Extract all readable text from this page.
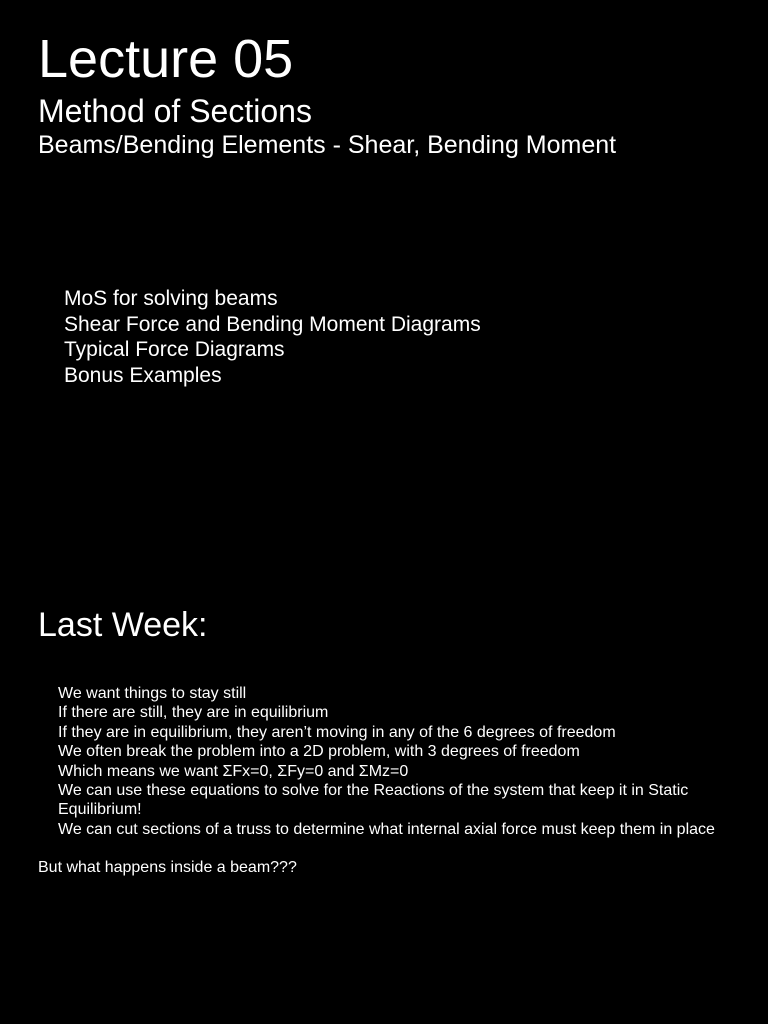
Lecture 05
Method of Sections
Beams/Bending Elements - Shear, Bending Moment
MoS for solving beams
Shear Force and Bending Moment Diagrams
Typical Force Diagrams
Bonus Examples
Last Week:
We want things to stay still
If there are still, they are in equilibrium
If they are in equilibrium, they aren’t moving in any of the 6 degrees of freedom
We often break the problem into a 2D problem, with 3 degrees of freedom
Which means we want ΣFx=0, ΣFy=0 and ΣMz=0
We can use these equations to solve for the Reactions of the system that keep it in Static Equilibrium!
We can cut sections of a truss to determine what internal axial force must keep them in place
But what happens inside a beam???
